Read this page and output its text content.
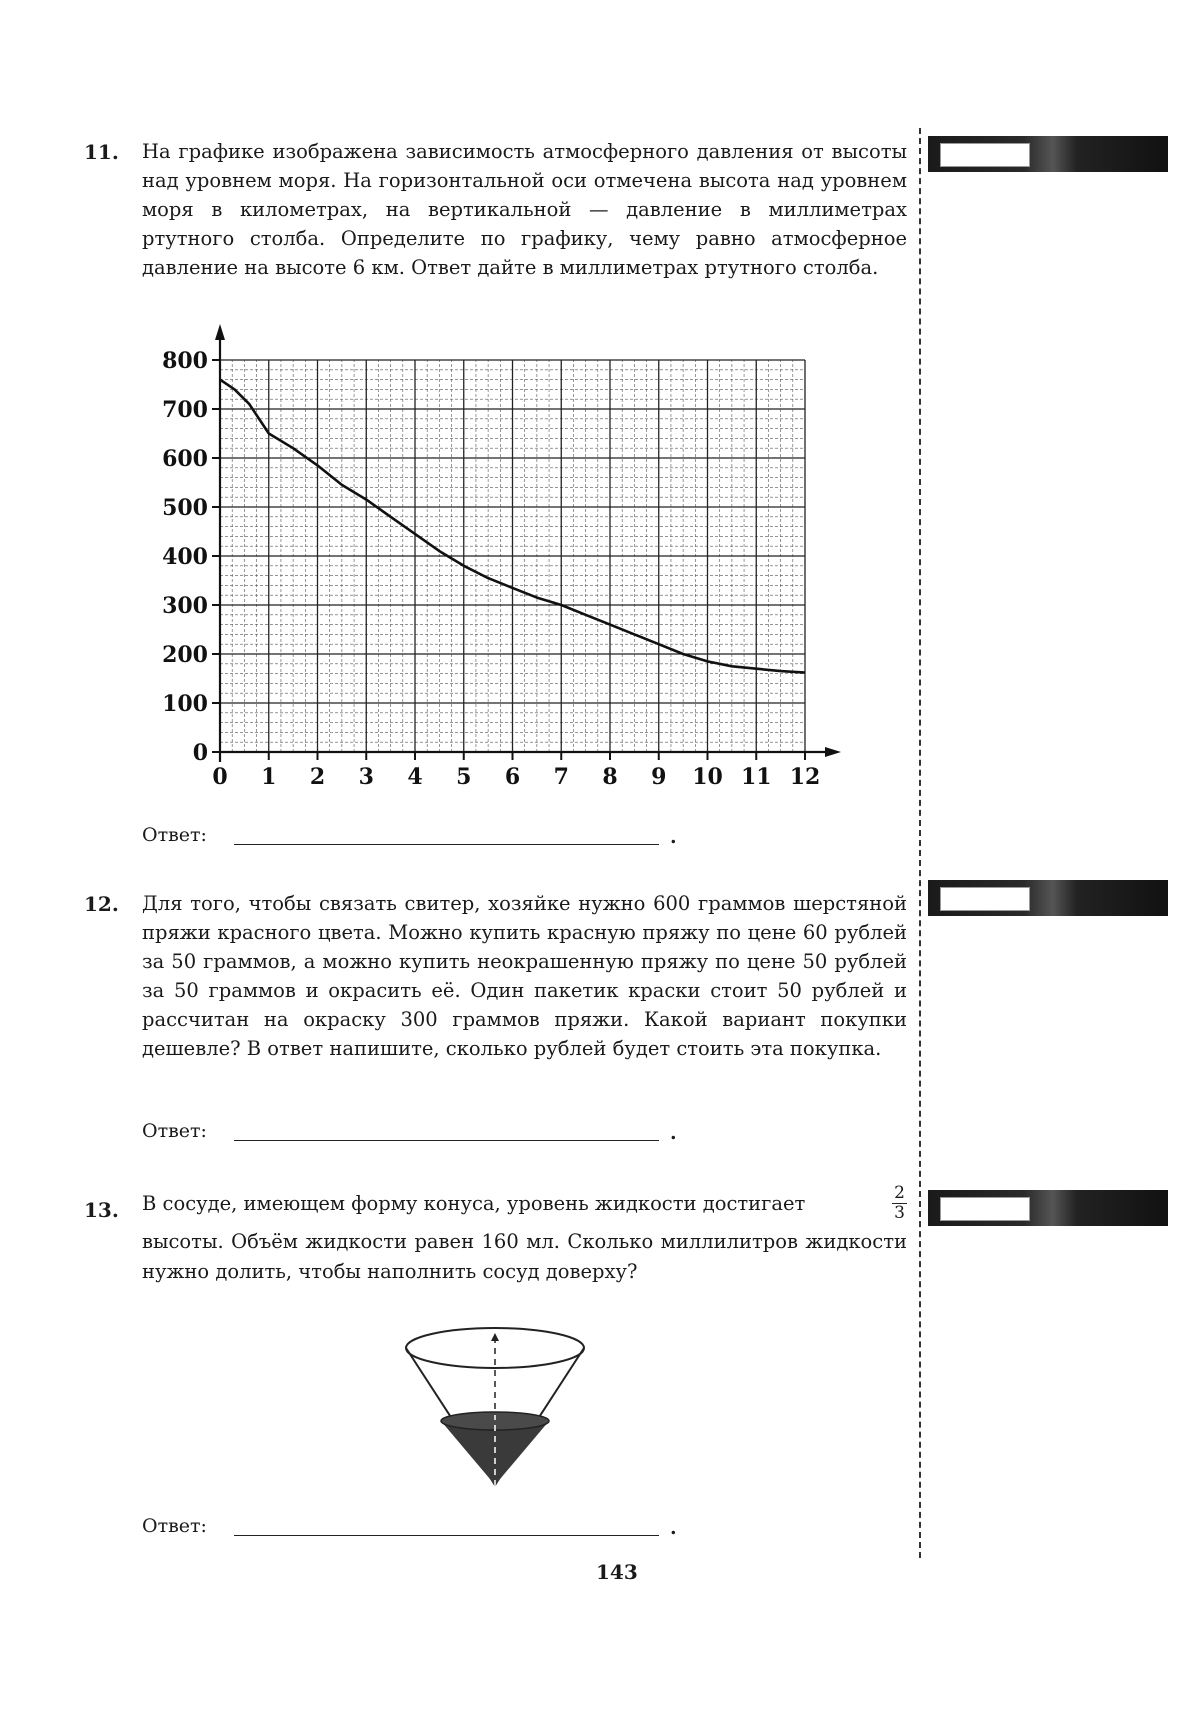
11. На графике изображена зависимость атмосферного давления от высоты над уровнем моря. На горизонтальной оси отмечена высота над уровнем моря в километрах, на вертикальной — давление в миллиметрах ртутного столба. Определите по графику, чему равно атмосферное давление на высоте 6 км. Ответ дайте в миллиметрах ртутного столба.
0
100
200
300
400
500
600
700
800
0 1 2 3 4 5 6 7 8 9 10 11 12
Ответ:	.
12. Для того, чтобы связать свитер, хозяйке нужно 600 граммов шерстяной пряжи красного цвета. Можно купить красную пряжу по цене 60 рублей за 50 граммов, а можно купить неокрашенную пряжу по цене 50 рублей за 50 граммов и окрасить её. Один пакетик краски стоит 50 рублей и рассчитан на окраску 300 граммов пряжи. Какой вариант покупки дешевле? В ответ напишите, сколько рублей будет стоить эта покупка.
Ответ:	.
13. В сосуде, имеющем форму конуса, уровень жидкости достигает	$\frac{2}{3}$
высоты. Объём жидкости равен 160 мл. Сколько миллилитров жидкости нужно долить, чтобы наполнить сосуд доверху?
Ответ:	.
143
